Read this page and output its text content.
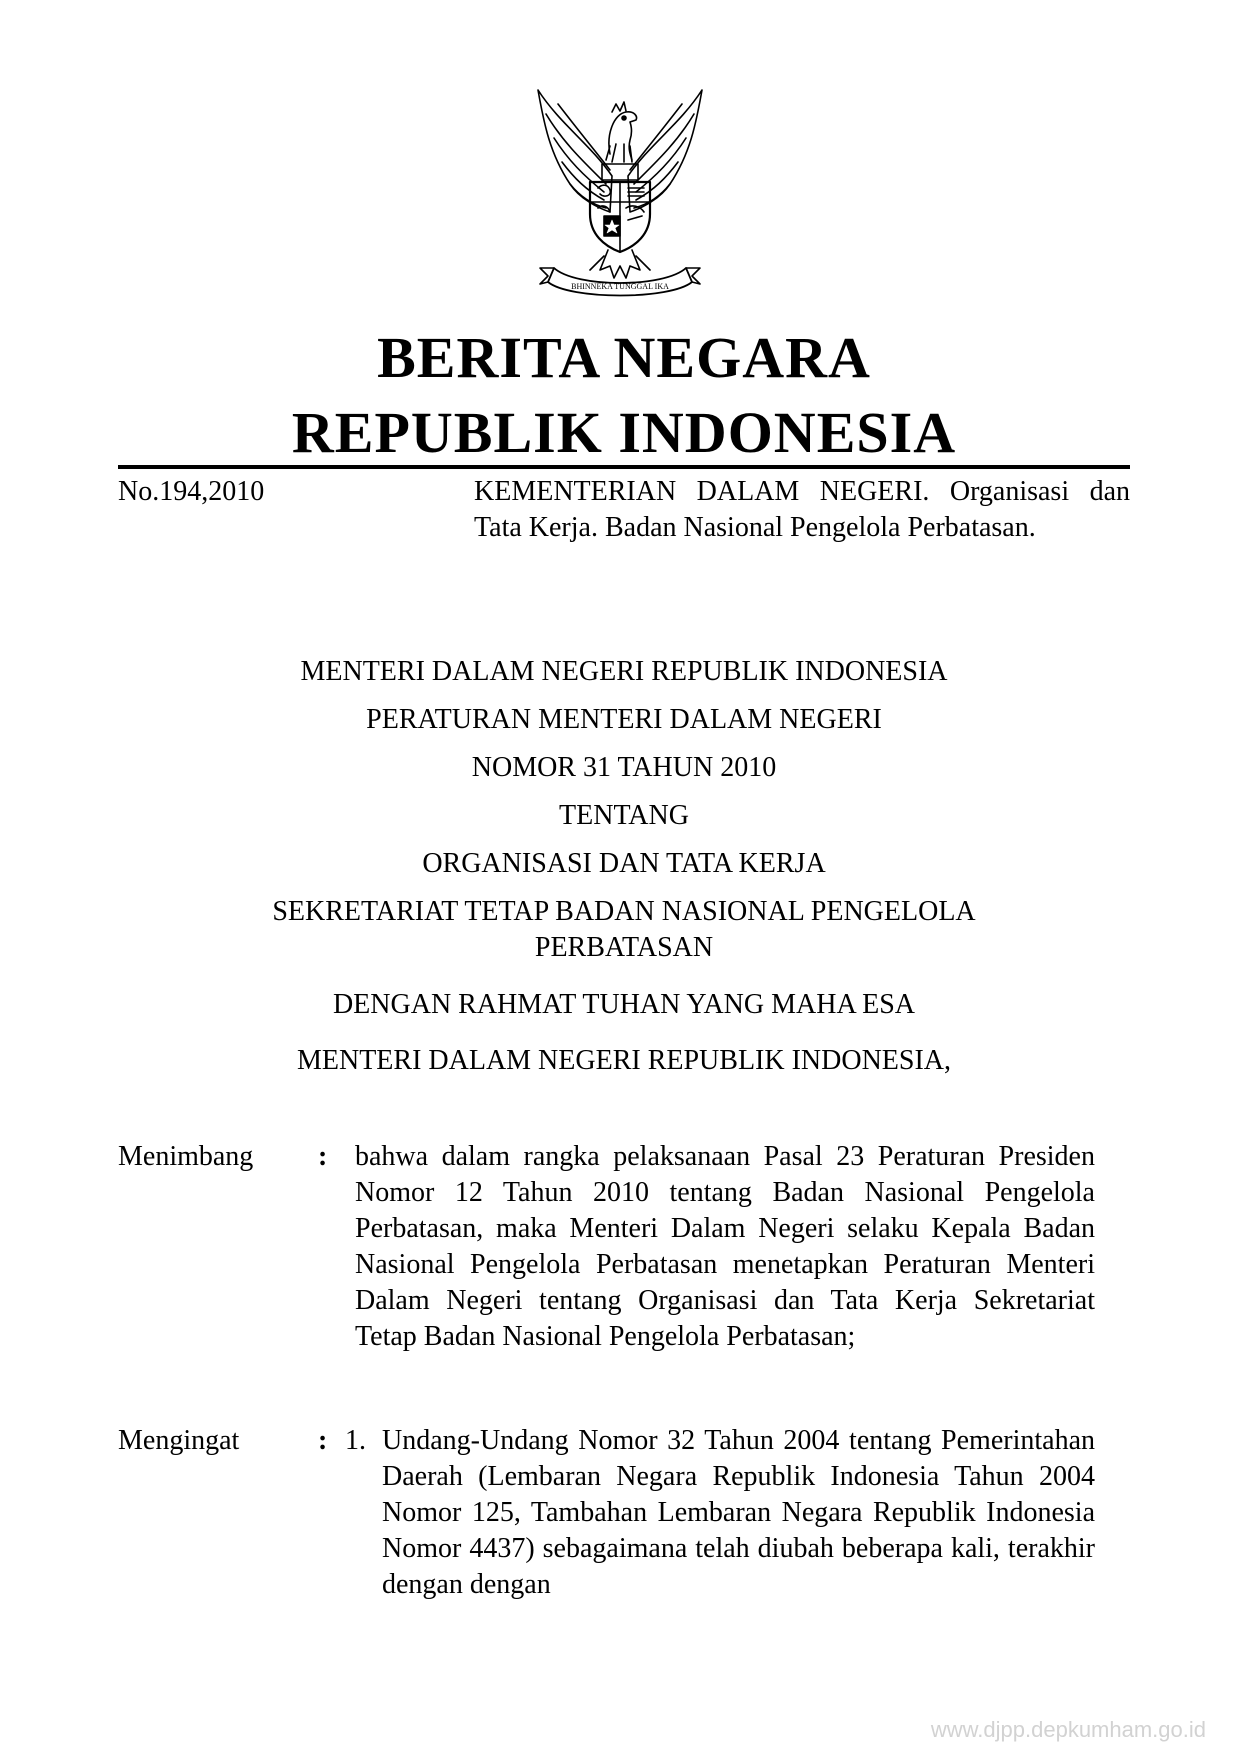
BHINNEKA TUNGGAL IKA
BERITA NEGARA
REPUBLIK INDONESIA
No.194,2010	KEMENTERIAN DALAM NEGERI. Organisasi dan Tata Kerja. Badan Nasional Pengelola Perbatasan.
MENTERI DALAM NEGERI REPUBLIK INDONESIA
PERATURAN MENTERI DALAM NEGERI
NOMOR 31 TAHUN 2010
TENTANG
ORGANISASI DAN TATA KERJA
SEKRETARIAT TETAP BADAN NASIONAL PENGELOLA
PERBATASAN
DENGAN RAHMAT TUHAN YANG MAHA ESA
MENTERI DALAM NEGERI REPUBLIK INDONESIA,
Menimbang : bahwa dalam rangka pelaksanaan Pasal 23 Peraturan Presiden Nomor 12 Tahun 2010 tentang Badan Nasional Pengelola Perbatasan, maka Menteri Dalam Negeri selaku Kepala Badan Nasional Pengelola Perbatasan menetapkan Peraturan Menteri Dalam Negeri tentang Organisasi dan Tata Kerja Sekretariat Tetap Badan Nasional Pengelola Perbatasan;
Mengingat	: 1. Undang-Undang Nomor 32 Tahun 2004 tentang Pemerintahan Daerah (Lembaran Negara Republik Indonesia Tahun 2004 Nomor 125, Tambahan Lembaran Negara Republik Indonesia Nomor 4437) sebagaimana telah diubah beberapa kali, terakhir dengan dengan
www.djpp.depkumham.go.id
